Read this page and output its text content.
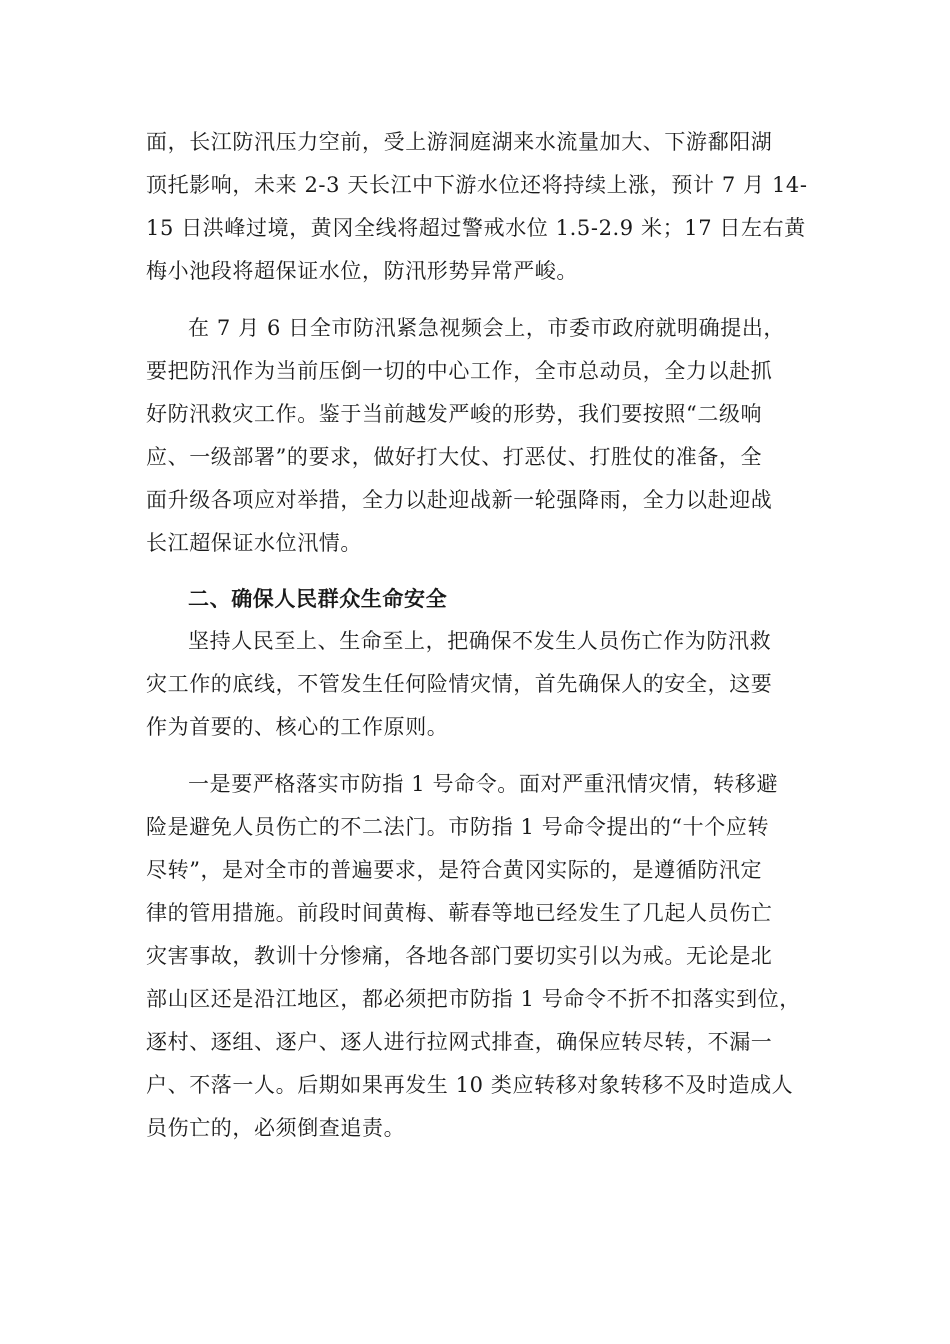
面，长江防汛压力空前，受上游洞庭湖来水流量加大、下游鄱阳湖
顶托影响，未来 2-3 天长江中下游水位还将持续上涨，预计 7 月 14-
15 日洪峰过境，黄冈全线将超过警戒水位 1.5-2.9 米；17 日左右黄
梅小池段将超保证水位，防汛形势异常严峻。
在 7 月 6 日全市防汛紧急视频会上，市委市政府就明确提出，
要把防汛作为当前压倒一切的中心工作，全市总动员，全力以赴抓
好防汛救灾工作。鉴于当前越发严峻的形势，我们要按照“二级响
应、一级部署”的要求，做好打大仗、打恶仗、打胜仗的准备，全
面升级各项应对举措，全力以赴迎战新一轮强降雨，全力以赴迎战
长江超保证水位汛情。
二、确保人民群众生命安全
坚持人民至上、生命至上，把确保不发生人员伤亡作为防汛救
灾工作的底线，不管发生任何险情灾情，首先确保人的安全，这要
作为首要的、核心的工作原则。
一是要严格落实市防指 1 号命令。面对严重汛情灾情，转移避
险是避免人员伤亡的不二法门。市防指 1 号命令提出的“十个应转
尽转”，是对全市的普遍要求，是符合黄冈实际的，是遵循防汛定
律的管用措施。前段时间黄梅、蕲春等地已经发生了几起人员伤亡
灾害事故，教训十分惨痛，各地各部门要切实引以为戒。无论是北
部山区还是沿江地区，都必须把市防指 1 号命令不折不扣落实到位，
逐村、逐组、逐户、逐人进行拉网式排查，确保应转尽转，不漏一
户、不落一人。后期如果再发生 10 类应转移对象转移不及时造成人
员伤亡的，必须倒查追责。
